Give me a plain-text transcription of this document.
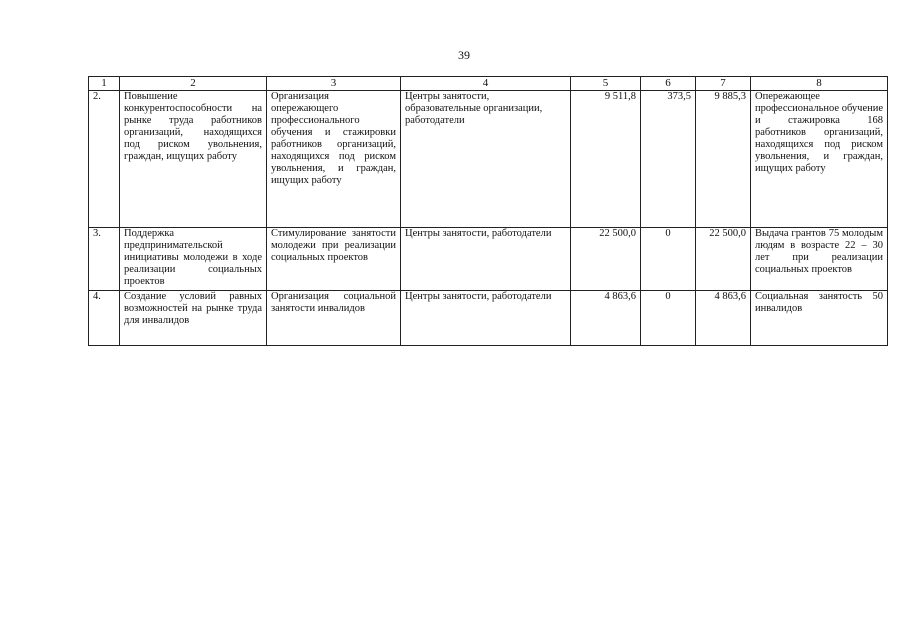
39
1	2	3	4	5	6	7	8
2.	Повышение конкурентоспособности на рынке труда работников организаций, находящихся под риском увольнения, граждан, ищущих работу	Организация опережающего профессионального обучения и стажировки работников организаций, находящихся под риском увольнения, и граждан, ищущих работу	Центры занятости, образовательные организации, работодатели	9 511,8	373,5	9 885,3	Опережающее профессиональное обучение и стажировка 168 работников организаций, находящихся под риском увольнения, и граждан, ищущих работу
3.	Поддержка предпринимательской инициативы молодежи в ходе реализации социальных проектов	Стимулирование занятости молодежи при реализации социальных проектов	Центры занятости, работодатели	22 500,0	0	22 500,0	Выдача грантов 75 молодым людям в возрасте 22 – 30 лет при реализации социальных проектов
4.	Создание условий равных возможностей на рынке труда для инвалидов	Организация социальной занятости инвалидов	Центры занятости, работодатели	4 863,6	0	4 863,6	Социальная занятость 50 инвалидов
